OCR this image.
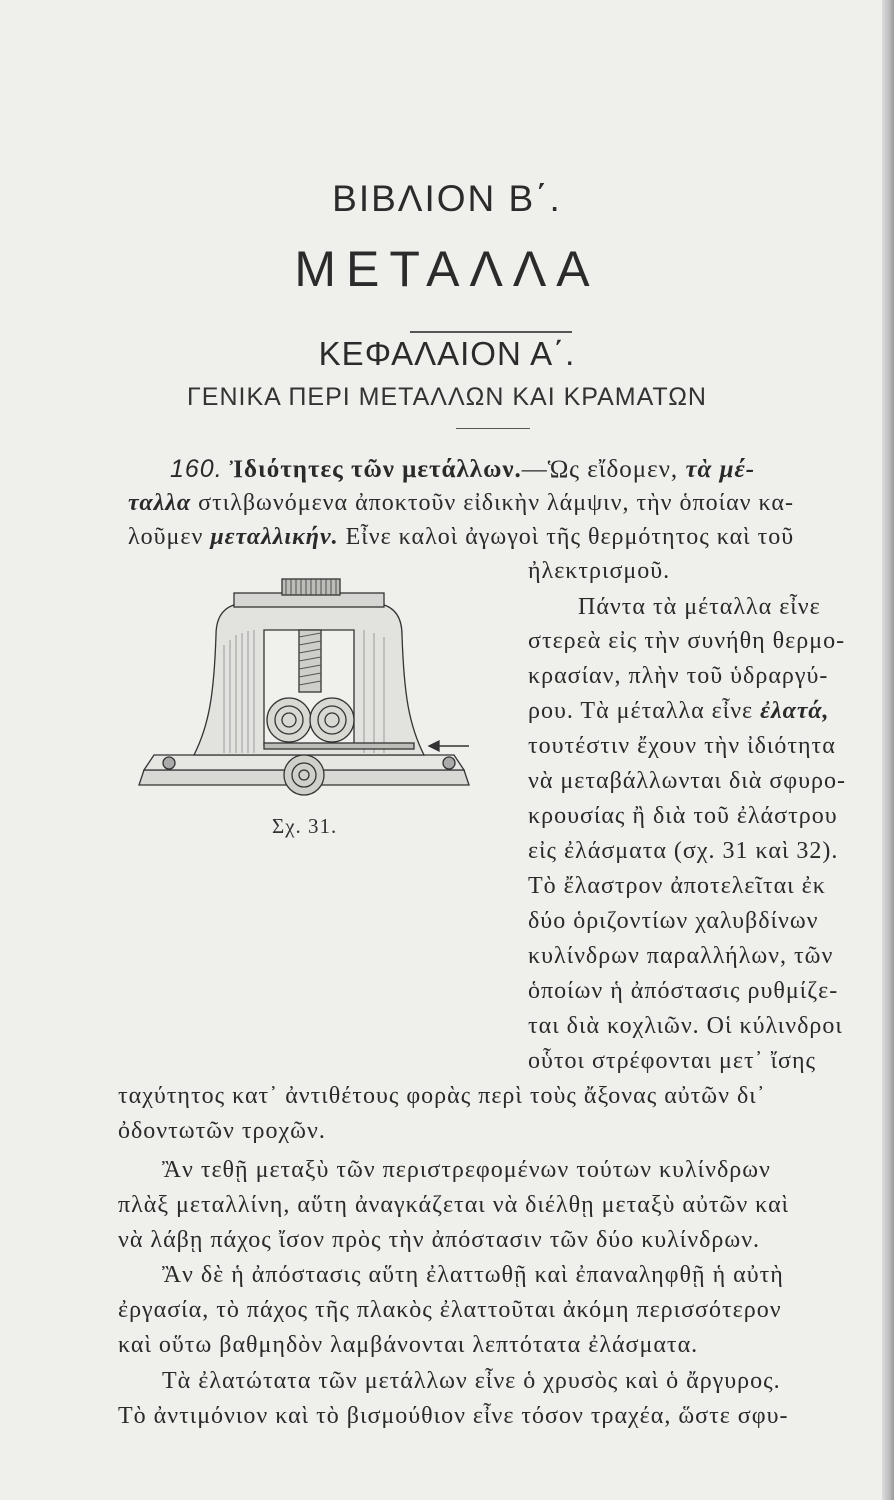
ΒΙΒΛΙΟΝ Β΄.
ΜΕΤΑΛΛΑ
ΚΕΦΑΛΑΙΟΝ Α΄.
ΓΕΝΙΚΑ ΠΕΡΙ ΜΕΤΑΛΛΩΝ ΚΑΙ ΚΡΑΜΑΤΩΝ
160. Ἰδιότητες τῶν μετάλλων.—Ὡς εἴδομεν, τὰ μέ-
ταλλα στιλβωνόμενα ἀποκτοῦν εἰδικὴν λάμψιν, τὴν ὁποίαν κα-
λοῦμεν μεταλλικήν. Εἶνε καλοὶ ἀγωγοὶ τῆς θερμότητος καὶ τοῦ
ἠλεκτρισμοῦ.
Πάντα τὰ μέταλλα εἶνε
στερεὰ εἰς τὴν συνήθη θερμο-
κρασίαν, πλὴν τοῦ ὑδραργύ-
ρου. Τὰ μέταλλα εἶνε ἐλατά,
τουτέστιν ἔχουν τὴν ἰδιότητα
νὰ μεταβάλλωνται διὰ σφυρο-
κρουσίας ἢ διὰ τοῦ ἐλάστρου
εἰς ἐλάσματα (σχ. 31 καὶ 32).
Τὸ ἔλαστρον ἀποτελεῖται ἐκ
δύο ὁριζοντίων χαλυβδίνων
κυλίνδρων παραλλήλων, τῶν
ὁποίων ἡ ἀπόστασις ρυθμίζε-
ται διὰ κοχλιῶν. Οἱ κύλινδροι
οὗτοι στρέφονται μετ᾿ ἴσης
ταχύτητος κατ᾿ ἀντιθέτους φορὰς περὶ τοὺς ἄξονας αὐτῶν δι᾿
ὀδοντωτῶν τροχῶν.
Ἂν τεθῇ μεταξὺ τῶν περιστρεφομένων τούτων κυλίνδρων
πλὰξ μεταλλίνη, αὕτη ἀναγκάζεται νὰ διέλθῃ μεταξὺ αὐτῶν καὶ
νὰ λάβῃ πάχος ἴσον πρὸς τὴν ἀπόστασιν τῶν δύο κυλίνδρων.
Ἂν δὲ ἡ ἀπόστασις αὕτη ἐλαττωθῇ καὶ ἐπαναληφθῇ ἡ αὐτὴ
ἐργασία, τὸ πάχος τῆς πλακὸς ἐλαττοῦται ἀκόμη περισσότερον
καὶ οὕτω βαθμηδὸν λαμβάνονται λεπτότατα ἐλάσματα.
Τὰ ἐλατώτατα τῶν μετάλλων εἶνε ὁ χρυσὸς καὶ ὁ ἄργυρος.
Τὸ ἀντιμόνιον καὶ τὸ βισμούθιον εἶνε τόσον τραχέα, ὥστε σφυ-
Σχ. 31.
